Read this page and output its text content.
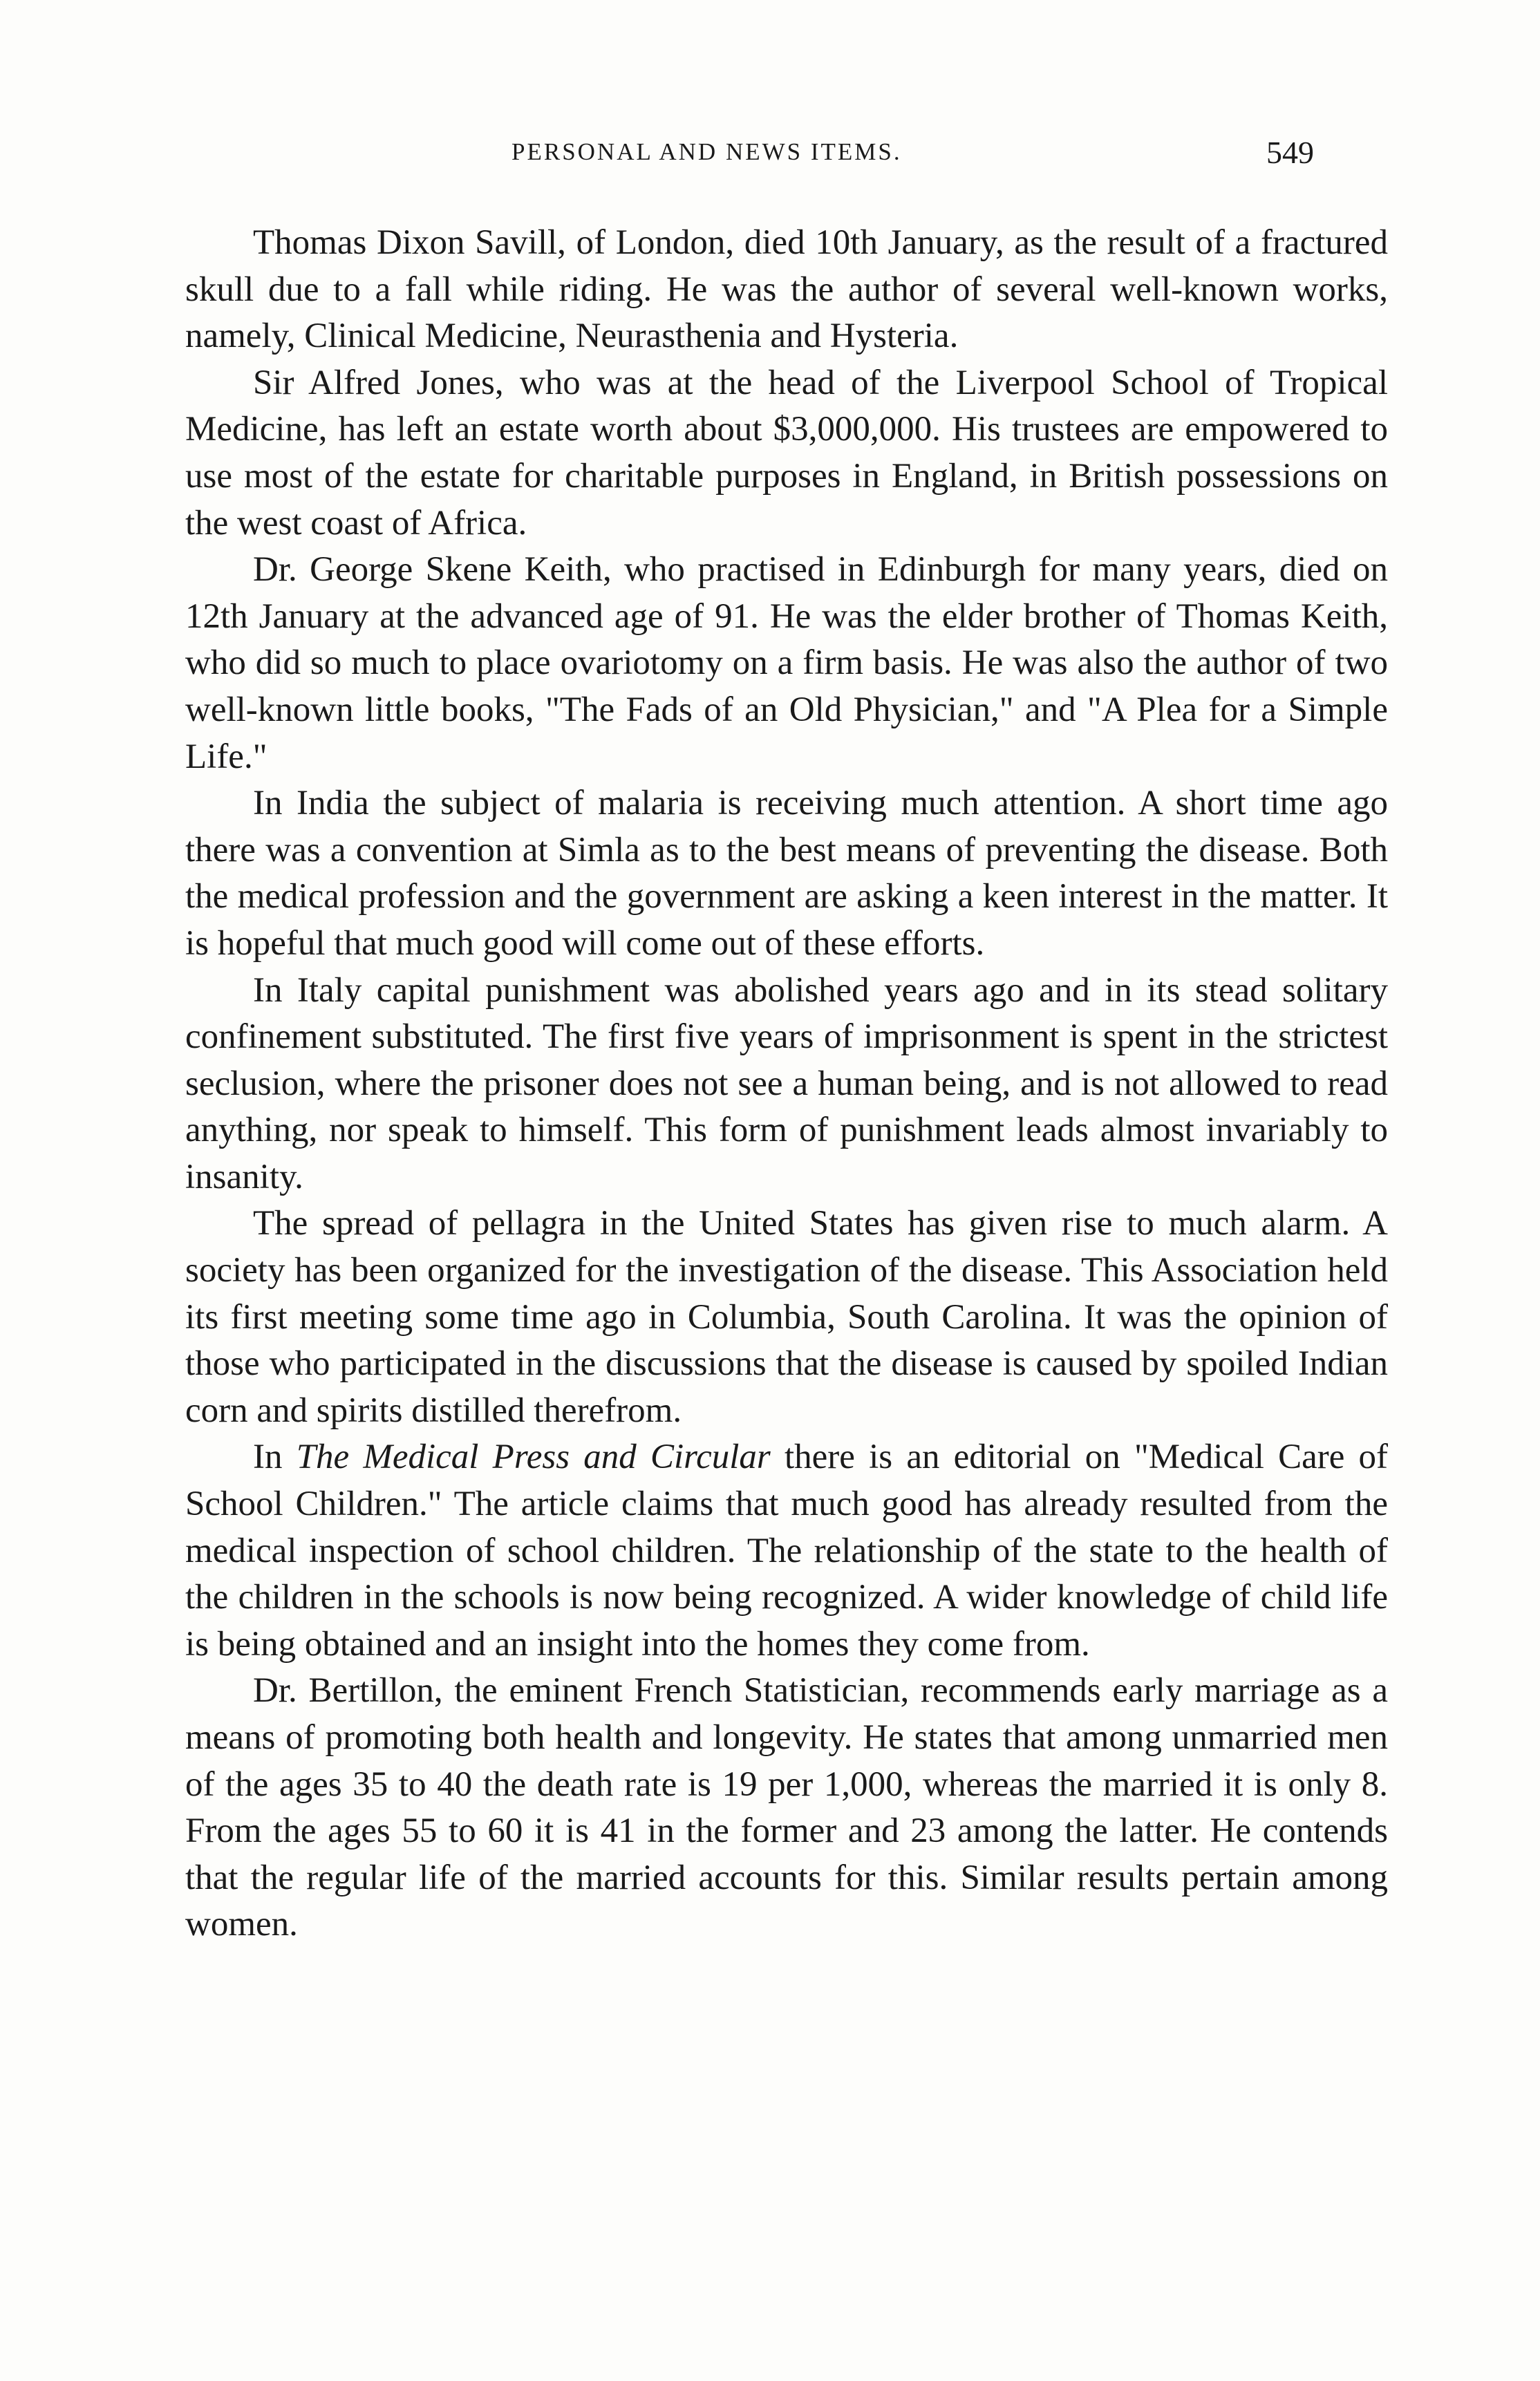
PERSONAL AND NEWS ITEMS.	549

Thomas Dixon Savill, of London, died 10th January, as the result of a fractured skull due to a fall while riding. He was the author of several well-known works, namely, Clinical Medicine, Neurasthenia and Hysteria.

Sir Alfred Jones, who was at the head of the Liverpool School of Tropical Medicine, has left an estate worth about $3,000,000. His trustees are empowered to use most of the estate for charitable purposes in England, in British possessions on the west coast of Africa.

Dr. George Skene Keith, who practised in Edinburgh for many years, died on 12th January at the advanced age of 91. He was the elder brother of Thomas Keith, who did so much to place ovariotomy on a firm basis. He was also the author of two well-known little books, "The Fads of an Old Physician," and "A Plea for a Simple Life."

In India the subject of malaria is receiving much attention. A short time ago there was a convention at Simla as to the best means of preventing the disease. Both the medical profession and the government are asking a keen interest in the matter. It is hopeful that much good will come out of these efforts.

In Italy capital punishment was abolished years ago and in its stead solitary confinement substituted. The first five years of imprisonment is spent in the strictest seclusion, where the prisoner does not see a human being, and is not allowed to read anything, nor speak to himself. This form of punishment leads almost invariably to insanity.

The spread of pellagra in the United States has given rise to much alarm. A society has been organized for the investigation of the disease. This Association held its first meeting some time ago in Columbia, South Carolina. It was the opinion of those who participated in the discussions that the disease is caused by spoiled Indian corn and spirits distilled therefrom.

In The Medical Press and Circular there is an editorial on "Medical Care of School Children." The article claims that much good has already resulted from the medical inspection of school children. The relationship of the state to the health of the children in the schools is now being recognized. A wider knowledge of child life is being obtained and an insight into the homes they come from.

Dr. Bertillon, the eminent French Statistician, recommends early marriage as a means of promoting both health and longevity. He states that among unmarried men of the ages 35 to 40 the death rate is 19 per 1,000, whereas the married it is only 8. From the ages 55 to 60 it is 41 in the former and 23 among the latter. He contends that the regular life of the married accounts for this. Similar results pertain among women.
